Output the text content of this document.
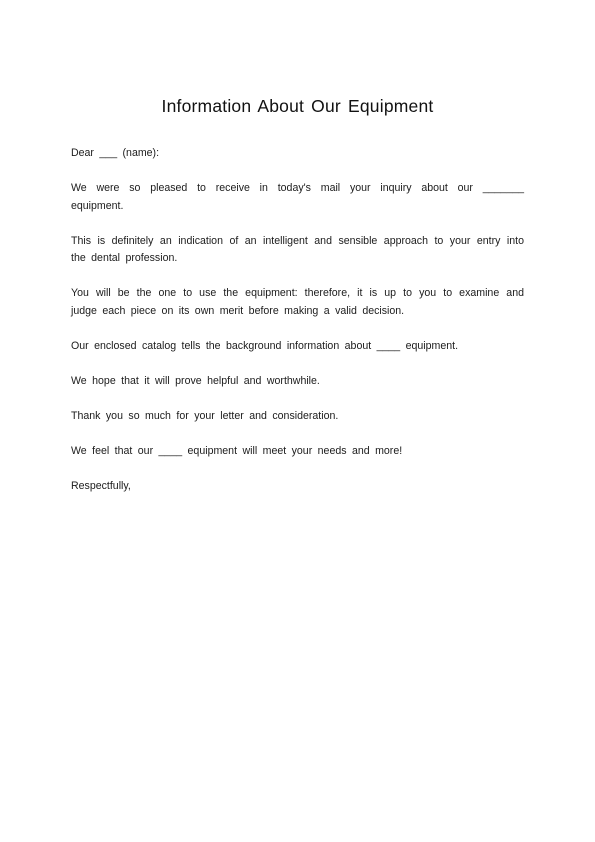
Information About Our Equipment

Dear ___ (name):

We were so pleased to receive in today's mail your inquiry about our _______ equipment.

This is definitely an indication of an intelligent and sensible approach to your entry into the dental profession.

You will be the one to use the equipment: therefore, it is up to you to examine and judge each piece on its own merit before making a valid decision.

Our enclosed catalog tells the background information about ____ equipment.

We hope that it will prove helpful and worthwhile.

Thank you so much for your letter and consideration.

We feel that our ____ equipment will meet your needs and more!

Respectfully,
